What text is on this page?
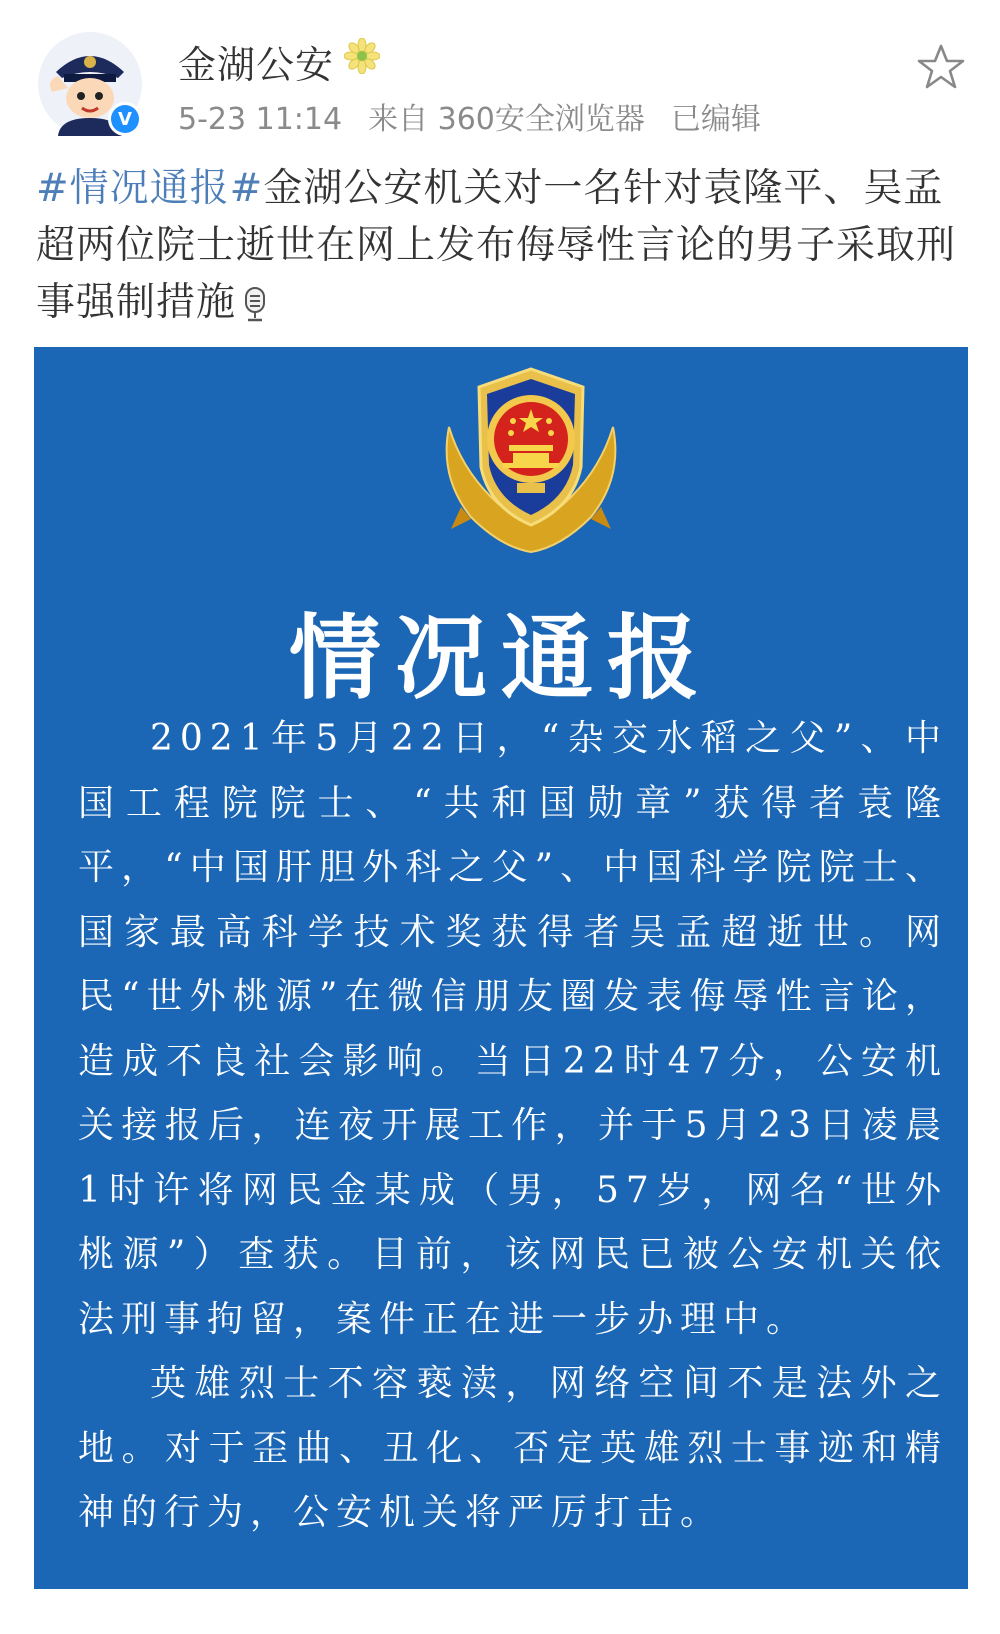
V
金湖公安
5-23 11:14 来自 360安全浏览器 已编辑
#情况通报#金湖公安机关对一名针对袁隆平、吴孟超两位院士逝世在网上发布侮辱性言论的男子采取刑事强制措施
情况通报

2021年5月22日，“杂交水稻之父”、中国工程院院士、“共和国勋章”获得者袁隆平，“中国肝胆外科之父”、中国科学院院士、国家最高科学技术奖获得者吴孟超逝世。网民“世外桃源”在微信朋友圈发表侮辱性言论，造成不良社会影响。当日22时47分，公安机关接报后，连夜开展工作，并于5月23日凌晨1时许将网民金某成（男，57岁，网名“世外桃源”）查获。目前，该网民已被公安机关依法刑事拘留，案件正在进一步办理中。

英雄烈士不容亵渎，网络空间不是法外之地。对于歪曲、丑化、否定英雄烈士事迹和精神的行为，公安机关将严厉打击。
